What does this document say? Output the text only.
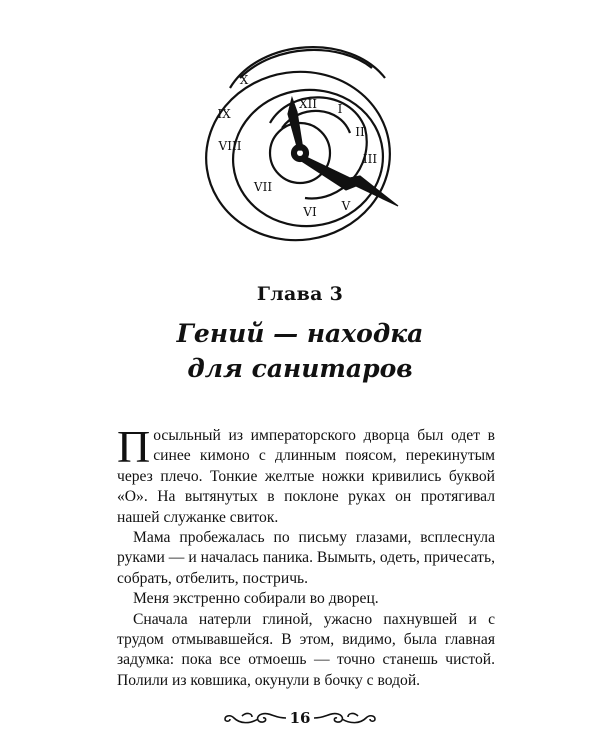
XII I
II
III
V
VI
VII
VIII
IX
X
Глава 3
Гений — находка
для санитаров

Посыльный из императорского дворца был одет в синее кимоно с длинным поясом, перекинутым через плечо. Тонкие желтые ножки кривились буквой «О». На вытянутых в поклоне руках он протягивал нашей служанке свиток.

Мама пробежалась по письму глазами, всплеснула руками — и началась паника. Вымыть, одеть, причесать, собрать, отбелить, постричь.

Меня экстренно собирали во дворец.

Сначала натерли глиной, ужасно пахнувшей и с трудом отмывавшейся. В этом, видимо, была главная задумка: пока все отмоешь — точно станешь чистой. Полили из ковшика, окунули в бочку с водой.

16
